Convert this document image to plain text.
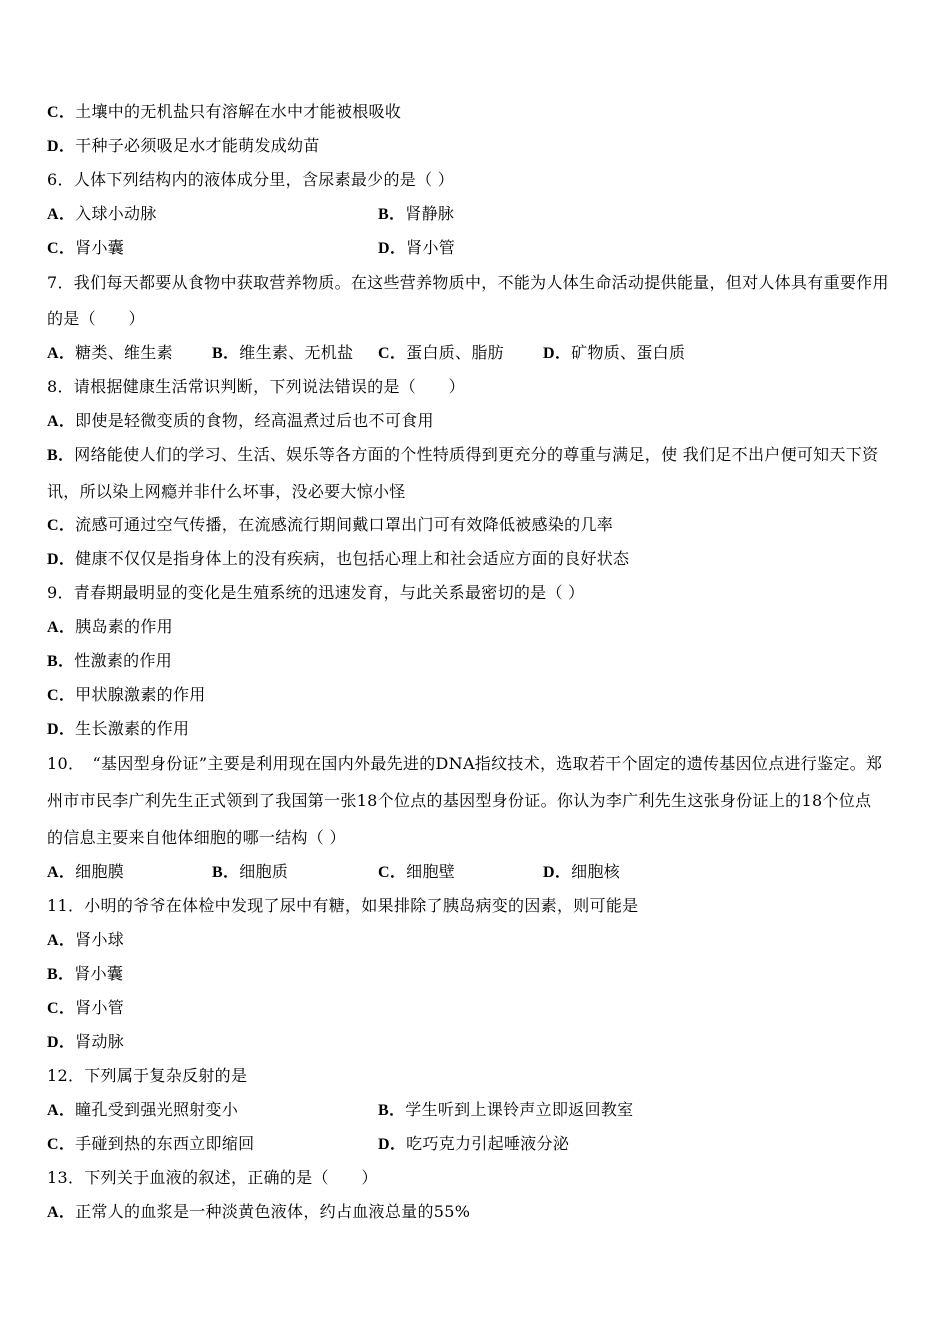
C．土壤中的无机盐只有溶解在水中才能被根吸收
D．干种子必须吸足水才能萌发成幼苗
6．人体下列结构内的液体成分里，含尿素最少的是（ ）
A．入球小动脉	B．肾静脉
C．肾小囊	D．肾小管
7．我们每天都要从食物中获取营养物质。在这些营养物质中，不能为人体生命活动提供能量，但对人体具有重要作用
的是（　　）
A．糖类、维生素 B．维生素、无机盐 C．蛋白质、脂肪 D．矿物质、蛋白质
8．请根据健康生活常识判断，下列说法错误的是（　　）
A．即使是轻微变质的食物，经高温煮过后也不可食用
B．网络能使人们的学习、生活、娱乐等各方面的个性特质得到更充分的尊重与满足，使 我们足不出户便可知天下资
讯，所以染上网瘾并非什么坏事，没必要大惊小怪
C．流感可通过空气传播，在流感流行期间戴口罩出门可有效降低被感染的几率
D．健康不仅仅是指身体上的没有疾病，也包括心理上和社会适应方面的良好状态
9．青春期最明显的变化是生殖系统的迅速发育，与此关系最密切的是（ ）
A．胰岛素的作用
B．性激素的作用
C．甲状腺激素的作用
D．生长激素的作用
10．　“基因型身份证”主要是利用现在国内外最先进的DNA指纹技术，选取若干个固定的遗传基因位点进行鉴定。郑
州市市民李广利先生正式领到了我国第一张18个位点的基因型身份证。你认为李广利先生这张身份证上的18个位点
的信息主要来自他体细胞的哪一结构（ ）
A．细胞膜	B．细胞质	C．细胞壁	D．细胞核
11．小明的爷爷在体检中发现了尿中有糖，如果排除了胰岛病变的因素，则可能是
A．肾小球
B．肾小囊
C．肾小管
D．肾动脉
12．下列属于复杂反射的是
A．瞳孔受到强光照射变小	B．学生听到上课铃声立即返回教室
C．手碰到热的东西立即缩回	D．吃巧克力引起唾液分泌
13．下列关于血液的叙述，正确的是（　　）
A．正常人的血浆是一种淡黄色液体，约占血液总量的55%
